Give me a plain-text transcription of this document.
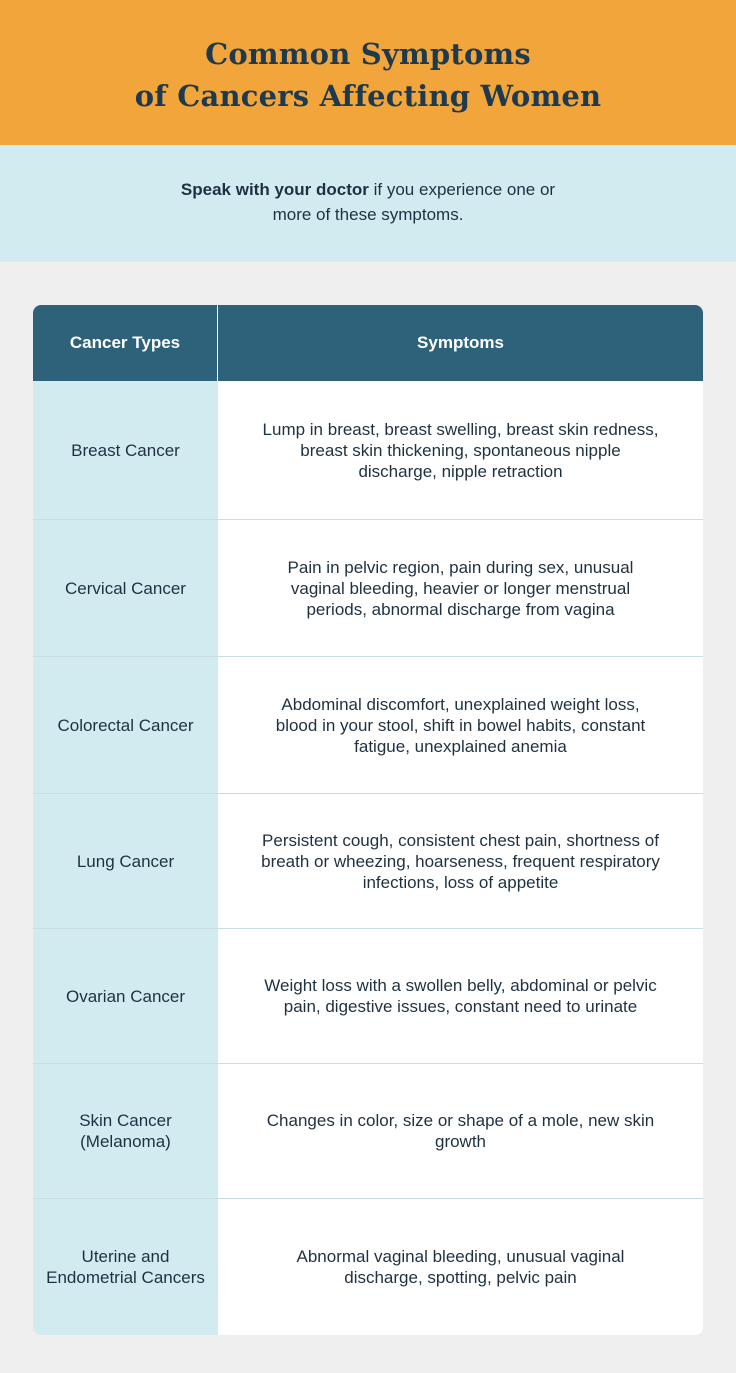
Common Symptoms
of Cancers Affecting Women

Speak with your doctor if you experience one or more of these symptoms.

Cancer Types	Symptoms
Breast Cancer
Lump in breast, breast swelling, breast skin redness, breast skin thickening, spontaneous nipple discharge, nipple retraction
Cervical Cancer
Pain in pelvic region, pain during sex, unusual vaginal bleeding, heavier or longer menstrual periods, abnormal discharge from vagina
Colorectal Cancer
Abdominal discomfort, unexplained weight loss, blood in your stool, shift in bowel habits, constant fatigue, unexplained anemia
Lung Cancer
Persistent cough, consistent chest pain, shortness of breath or wheezing, hoarseness, frequent respiratory infections, loss of appetite
Ovarian Cancer
Weight loss with a swollen belly, abdominal or pelvic pain, digestive issues, constant need to urinate
Skin Cancer (Melanoma)
Changes in color, size or shape of a mole, new skin growth
Uterine and Endometrial Cancers
Abnormal vaginal bleeding, unusual vaginal discharge, spotting, pelvic pain
